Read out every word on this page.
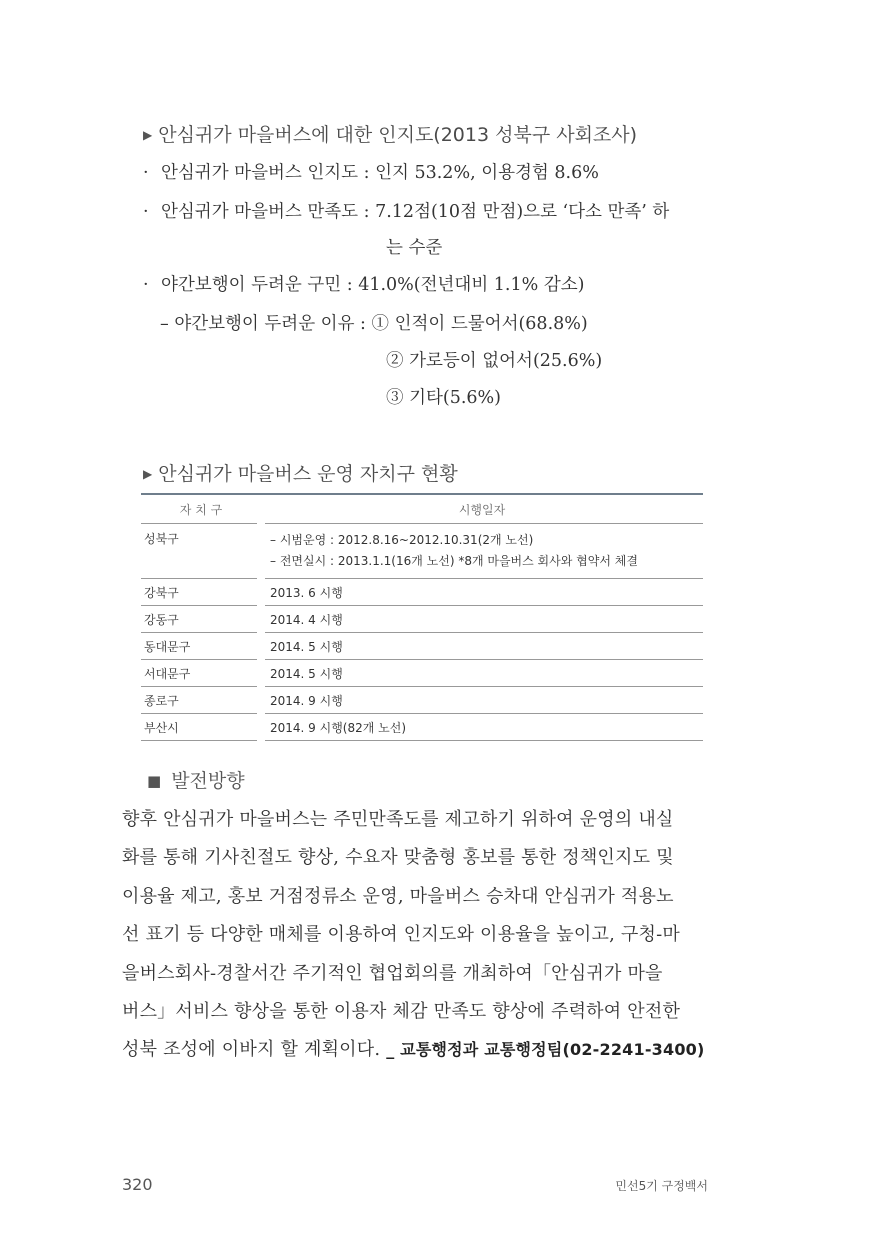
▶ 안심귀가 마을버스에 대한 인지도(2013 성북구 사회조사)
· 안심귀가 마을버스 인지도 : 인지 53.2%, 이용경험 8.6%
· 안심귀가 마을버스 만족도 : 7.12점(10점 만점)으로 ‘다소 만족’ 하
는 수준
· 야간보행이 두려운 구민 : 41.0%(전년대비 1.1% 감소)
– 야간보행이 두려운 이유 : ① 인적이 드물어서(68.8%)
② 가로등이 없어서(25.6%)
③ 기타(5.6%)
▶ 안심귀가 마을버스 운영 자치구 현황
자 치 구	시행일자
성북구	– 시범운영 : 2012.8.16~2012.10.31(2개 노선)
– 전면실시 : 2013.1.1(16개 노선) *8개 마을버스 회사와 협약서 체결

강북구	2013. 6 시행
강동구	2014. 4 시행
동대문구	2014. 5 시행
서대문구	2014. 5 시행
종로구	2014. 9 시행
부산시	2014. 9 시행(82개 노선)
■ 발전방향
향후 안심귀가 마을버스는 주민만족도를 제고하기 위하여 운영의 내실
화를 통해 기사친절도 향상, 수요자 맞춤형 홍보를 통한 정책인지도 및
이용율 제고, 홍보 거점정류소 운영, 마을버스 승차대 안심귀가 적용노
선 표기 등 다양한 매체를 이용하여 인지도와 이용율을 높이고, 구청-마
을버스회사-경찰서간 주기적인 협업회의를 개최하여「안심귀가 마을
버스」서비스 향상을 통한 이용자 체감 만족도 향상에 주력하여 안전한
성북 조성에 이바지 할 계획이다. _ 교통행정과 교통행정팀(02-2241-3400)
320	민선5기 구정백서
